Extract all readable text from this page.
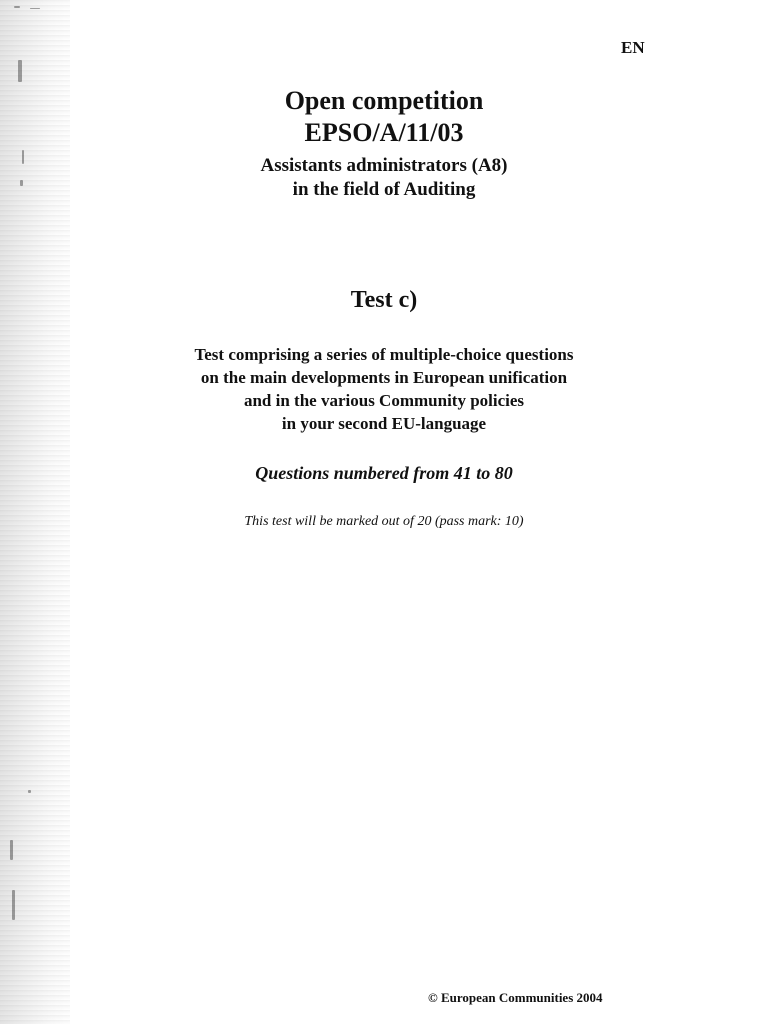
EN
Open competition
EPSO/A/11/03
Assistants administrators (A8)
in the field of Auditing
Test c)
Test comprising a series of multiple-choice questions
on the main developments in European unification
and in the various Community policies
in your second EU-language
Questions numbered from 41 to 80
This test will be marked out of 20 (pass mark: 10)
© European Communities 2004
